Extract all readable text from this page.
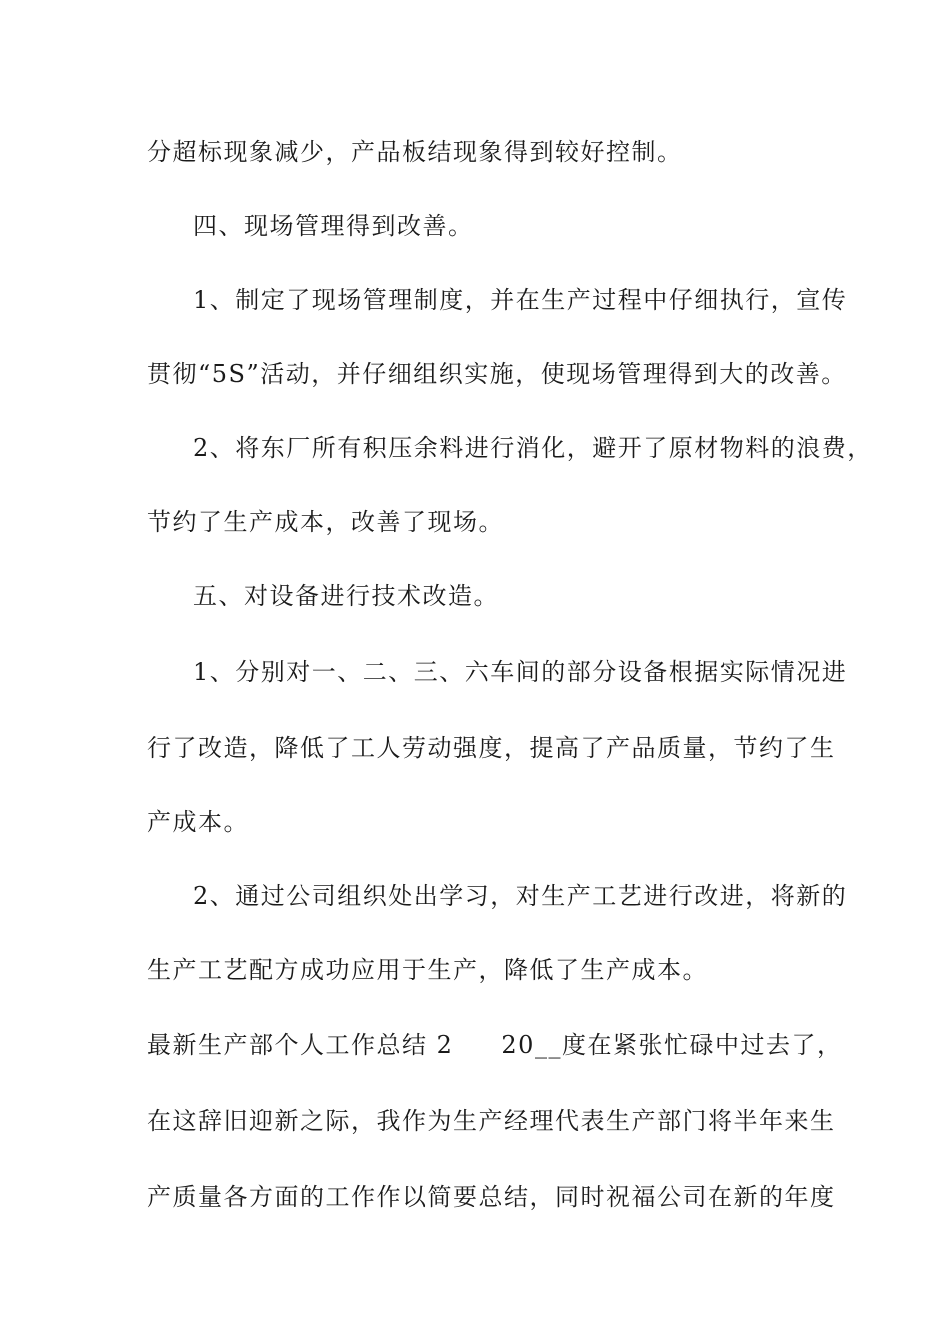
分超标现象减少，产品板结现象得到较好控制。
四、现场管理得到改善。
1、制定了现场管理制度，并在生产过程中仔细执行，宣传
贯彻“5S”活动，并仔细组织实施，使现场管理得到大的改善。
2、将东厂所有积压余料进行消化，避开了原材物料的浪费，
节约了生产成本，改善了现场。
五、对设备进行技术改造。
1、分别对一、二、三、六车间的部分设备根据实际情况进
行了改造，降低了工人劳动强度，提高了产品质量，节约了生
产成本。
2、通过公司组织处出学习，对生产工艺进行改进，将新的
生产工艺配方成功应用于生产，降低了生产成本。
最新生产部个人工作总结 2 20__度在紧张忙碌中过去了，
在这辞旧迎新之际，我作为生产经理代表生产部门将半年来生
产质量各方面的工作作以简要总结，同时祝福公司在新的年度
